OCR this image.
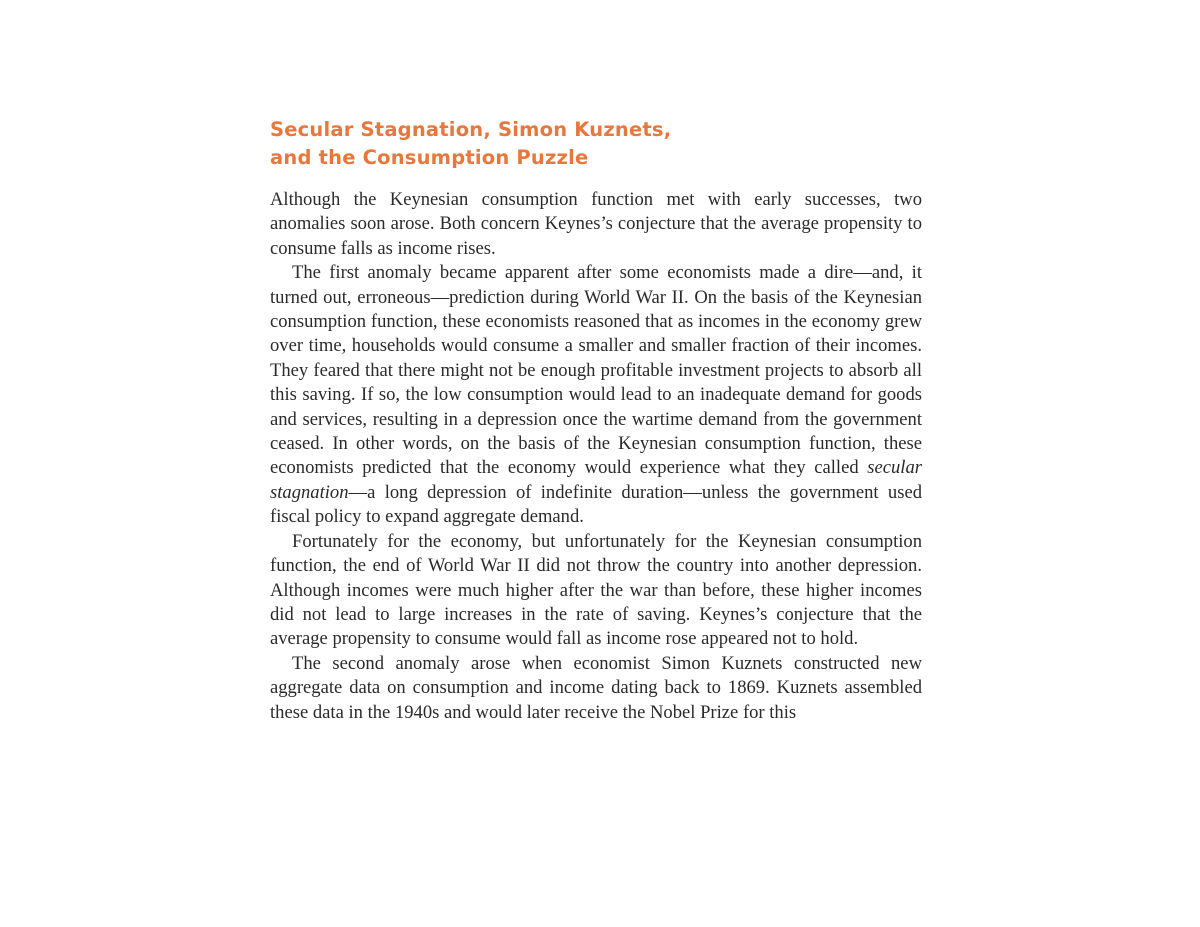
Secular Stagnation, Simon Kuznets,
and the Consumption Puzzle

Although the Keynesian consumption function met with early successes, two anomalies soon arose. Both concern Keynes’s conjecture that the average propensity to consume falls as income rises.

The first anomaly became apparent after some economists made a dire—and, it turned out, erroneous—prediction during World War II. On the basis of the Keynesian consumption function, these economists reasoned that as incomes in the economy grew over time, households would consume a smaller and smaller fraction of their incomes. They feared that there might not be enough profitable investment projects to absorb all this saving. If so, the low consumption would lead to an inadequate demand for goods and services, resulting in a depression once the wartime demand from the government ceased. In other words, on the basis of the Keynesian consumption function, these economists predicted that the economy would experience what they called secular stagnation—a long depression of indefinite duration—unless the government used fiscal policy to expand aggregate demand.

Fortunately for the economy, but unfortunately for the Keynesian consumption function, the end of World War II did not throw the country into another depression. Although incomes were much higher after the war than before, these higher incomes did not lead to large increases in the rate of saving. Keynes’s conjecture that the average propensity to consume would fall as income rose appeared not to hold.

The second anomaly arose when economist Simon Kuznets constructed new aggregate data on consumption and income dating back to 1869. Kuznets assembled these data in the 1940s and would later receive the Nobel Prize for this
